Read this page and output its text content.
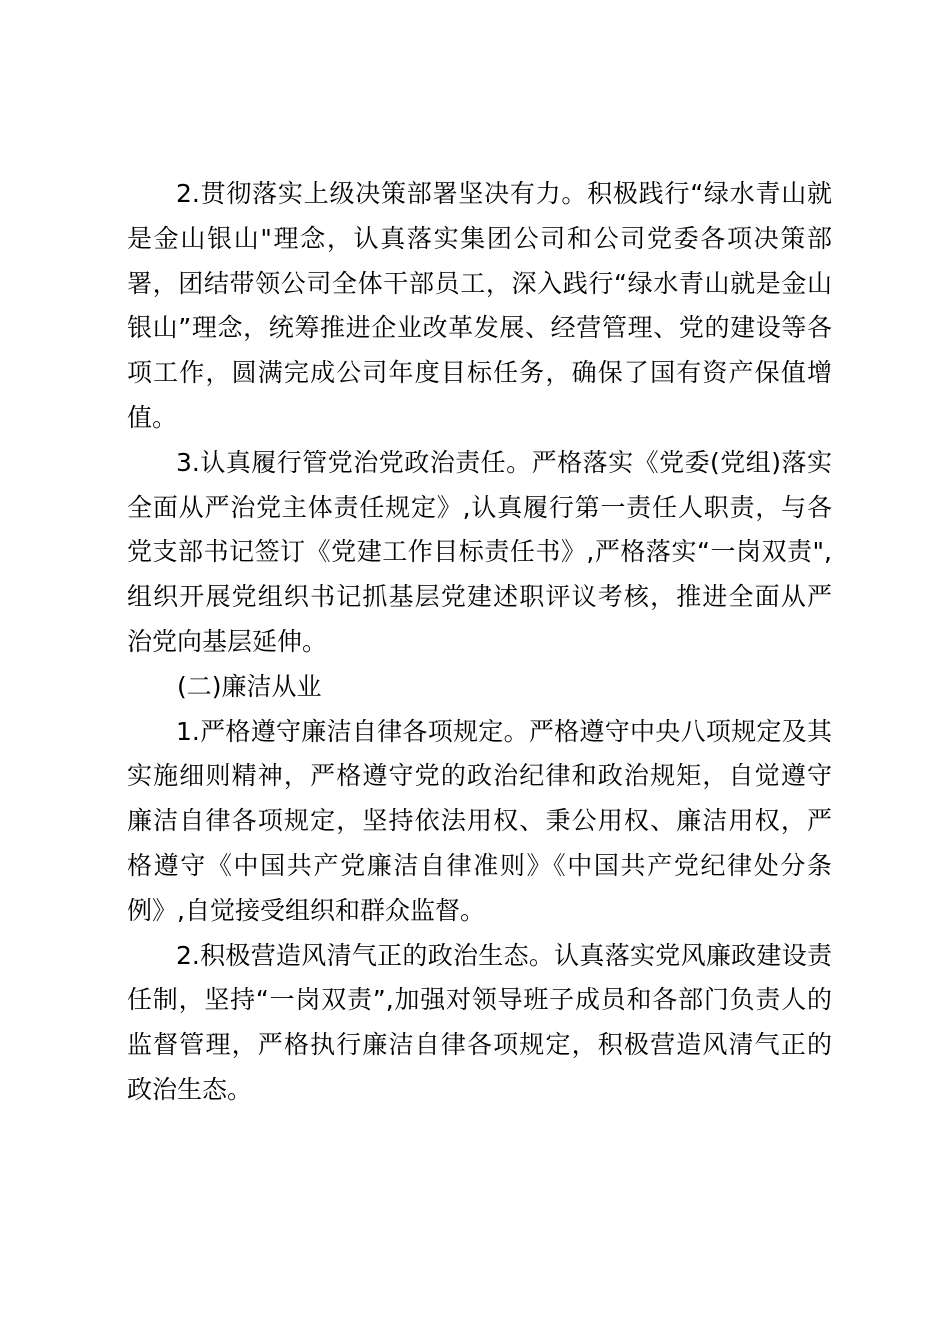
2.贯彻落实上级决策部署坚决有力。积极践行“绿水青山就
是金山银山"理念，认真落实集团公司和公司党委各项决策部
署，团结带领公司全体干部员工，深入践行“绿水青山就是金山
银山”理念，统筹推进企业改革发展、经营管理、党的建设等各
项工作，圆满完成公司年度目标任务，确保了国有资产保值增
值。
3.认真履行管党治党政治责任。严格落实《党委(党组)落实
全面从严治党主体责任规定》,认真履行第一责任人职责，与各
党支部书记签订《党建工作目标责任书》,严格落实“一岗双责",
组织开展党组织书记抓基层党建述职评议考核，推进全面从严
治党向基层延伸。
(二)廉洁从业
1.严格遵守廉洁自律各项规定。严格遵守中央八项规定及其
实施细则精神，严格遵守党的政治纪律和政治规矩，自觉遵守
廉洁自律各项规定，坚持依法用权、秉公用权、廉洁用权，严
格遵守《中国共产党廉洁自律准则》《中国共产党纪律处分条
例》,自觉接受组织和群众监督。
2.积极营造风清气正的政治生态。认真落实党风廉政建设责
任制，坚持“一岗双责”,加强对领导班子成员和各部门负责人的
监督管理，严格执行廉洁自律各项规定，积极营造风清气正的
政治生态。
